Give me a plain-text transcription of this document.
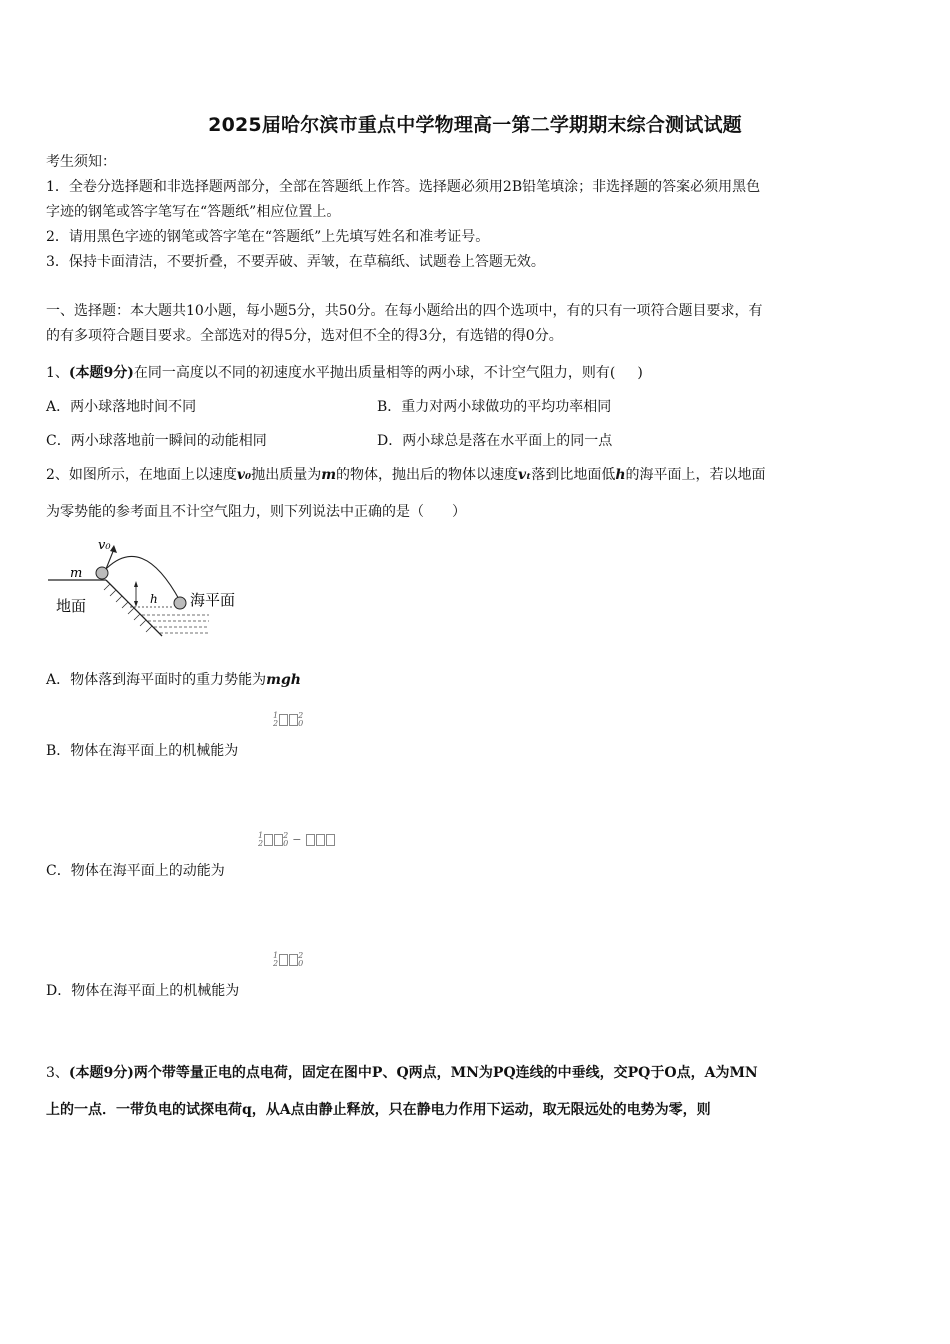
2025届哈尔滨市重点中学物理高一第二学期期末综合测试试题
考生须知：
1．全卷分选择题和非选择题两部分，全部在答题纸上作答。选择题必须用2B铅笔填涂；非选择题的答案必须用黑色
字迹的钢笔或答字笔写在“答题纸”相应位置上。
2．请用黑色字迹的钢笔或答字笔在“答题纸”上先填写姓名和准考证号。
3．保持卡面清洁，不要折叠，不要弄破、弄皱，在草稿纸、试题卷上答题无效。
一、选择题：本大题共10小题，每小题5分，共50分。在每小题给出的四个选项中，有的只有一项符合题目要求，有
的有多项符合题目要求。全部选对的得5分，选对但不全的得3分，有选错的得0分。
1、(本题9分)在同一高度以不同的初速度水平抛出质量相等的两小球，不计空气阻力，则有( )
A．两小球落地时间不同	B．重力对两小球做功的平均功率相同
C．两小球落地前一瞬间的动能相同	D．两小球总是落在水平面上的同一点
2、如图所示，在地面上以速度v₀抛出质量为m的物体，抛出后的物体以速度vₜ落到比地面低h的海平面上，若以地面
为零势能的参考面且不计空气阻力，则下列说法中正确的是（　　）
v₀
m
h
地面	海平面
A．物体落到海平面时的重力势能为mgh
1
2
2
0
B．物体在海平面上的机械能为
1
2
2
0 −
C．物体在海平面上的动能为
1
2
2
0
D．物体在海平面上的机械能为
3、(本题9分)两个带等量正电的点电荷，固定在图中P、Q两点，MN为PQ连线的中垂线，交PQ于O点，A为MN
上的一点．一带负电的试探电荷q，从A点由静止释放，只在静电力作用下运动，取无限远处的电势为零，则
